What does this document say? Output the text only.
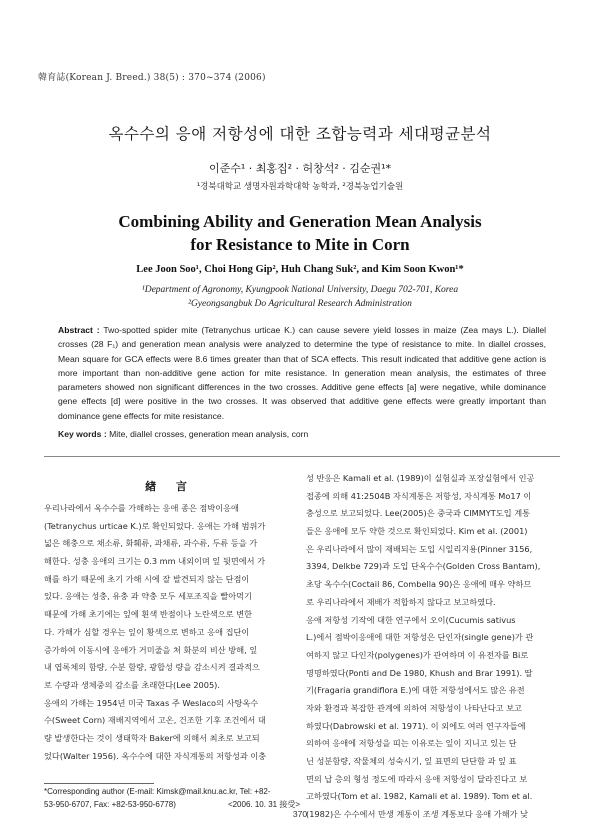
韓育誌(Korean J. Breed.) 38(5) : 370~374 (2006)
옥수수의 응애 저항성에 대한 조합능력과 세대평균분석
이준수¹ · 최홍집² · 허창석² · 김순권¹*
¹경북대학교 생명자원과학대학 농학과, ²경북농업기술원
Combining Ability and Generation Mean Analysis
for Resistance to Mite in Corn
Lee Joon Soo¹, Choi Hong Gip², Huh Chang Suk², and Kim Soon Kwon¹*
¹Department of Agronomy, Kyungpook National University, Daegu 702-701, Korea
²Gyeongsangbuk Do Agricultural Research Administration
Abstract : Two-spotted spider mite (Tetranychus urticae K.) can cause severe yield losses in maize (Zea mays L.). Diallel crosses (28 F₁) and generation mean analysis were analyzed to determine the type of resistance to mite. In diallel crosses, Mean square for GCA effects were 8.6 times greater than that of SCA effects. This result indicated that additive gene action is more important than non-additive gene action for mite resistance. In generation mean analysis, the estimates of three parameters showed non significant differences in the two crosses. Additive gene effects [a] were negative, while dominance gene effects [d] were positive in the two crosses. It was observed that additive gene effects were greatly important than dominance gene effects for mite resistance.
Key words : Mite, diallel crosses, generation mean analysis, corn
緖 言
우리나라에서 옥수수를 가해하는 응애 종은 점박이응애
(Tetranychus urticae K.)로 확인되었다. 응애는 가해 범위가
넓은 해충으로 채소류, 화훼류, 과채류, 과수류, 두류 등을 가
해한다. 성충 응애의 크기는 0.3 mm 내외이며 잎 뒷면에서 가
해를 하기 때문에 초기 가해 시에 잘 발견되지 않는 단점이
있다. 응애는 성충, 유충 과 약충 모두 세포조직을 빨아먹기
때문에 가해 초기에는 잎에 흰색 반점이나 노란색으로 변한
다. 가해가 심할 경우는 잎이 황색으로 변하고 응애 집단이
증가하여 이동시에 응애가 거미줄을 쳐 화분의 비산 방해, 잎
내 엽록체의 함량, 수분 함량, 광합성 량을 감소시켜 결과적으
로 수량과 생체중의 감소를 초래한다(Lee 2005).
응애의 가해는 1954년 미국 Taxas 주 Weslaco의 사탕옥수
수(Sweet Corn) 재배지역에서 고온, 건조한 기후 조건에서 대
량 발생한다는 것이 생태학자 Baker에 의해서 최초로 보고되
었다(Walter 1956). 옥수수에 대한 자식계통의 저항성과 이충
성 반응은 Kamali et al. (1989)이 실험실과 포장실험에서 인공
접종에 의해 41:2504B 자식계통은 저항성, 자식계통 Mo17 이
충성으로 보고되었다. Lee(2005)은 중국과 CIMMYT도입 계통
들은 응애에 모두 약한 것으로 확인되었다. Kim et al. (2001)
은 우리나라에서 많이 재배되는 도입 시일리지용(Pinner 3156,
3394, Delkbe 729)과 도입 단옥수수(Golden Cross Bantam),
초당 옥수수(Coctail 86, Combella 90)은 응애에 매우 약하므
로 우리나라에서 재배가 적합하지 않다고 보고하였다.
응애 저항성 기작에 대한 연구에서 오이(Cucumis sativus
L.)에서 점박이응애에 대한 저항성은 단인자(single gene)가 관
여하지 않고 다인자(polygenes)가 관여하며 이 유전자를 Bi로
명명하였다(Ponti and De 1980, Khush and Brar 1991). 딸
기(Fragaria grandiflora E.)에 대한 저항성에서도 많은 유전
자와 환경과 복잡한 관계에 의하여 저항성이 나타난다고 보고
하였다(Dabrowski et al. 1971). 이 외에도 여러 연구자들에
의하여 응애에 저항성을 띠는 이유로는 잎이 지니고 있는 단
닌 성분함량, 작물체의 성숙시기, 잎 표면의 단단함 과 잎 표
면의 납 층의 형성 정도에 따라서 응애 저항성이 달라진다고 보
고하였다(Tom et al. 1982, Kamali et al. 1989). Tom et al.
(1982)은 수수에서 만생 계통이 조생 계통보다 응애 가해가 낮
*Corresponding author (E-mail: Kimsk@mail.knu.ac.kr, Tel: +82-
53-950-6707, Fax: +82-53-950-6778)	<2006. 10. 31 接受>
370
